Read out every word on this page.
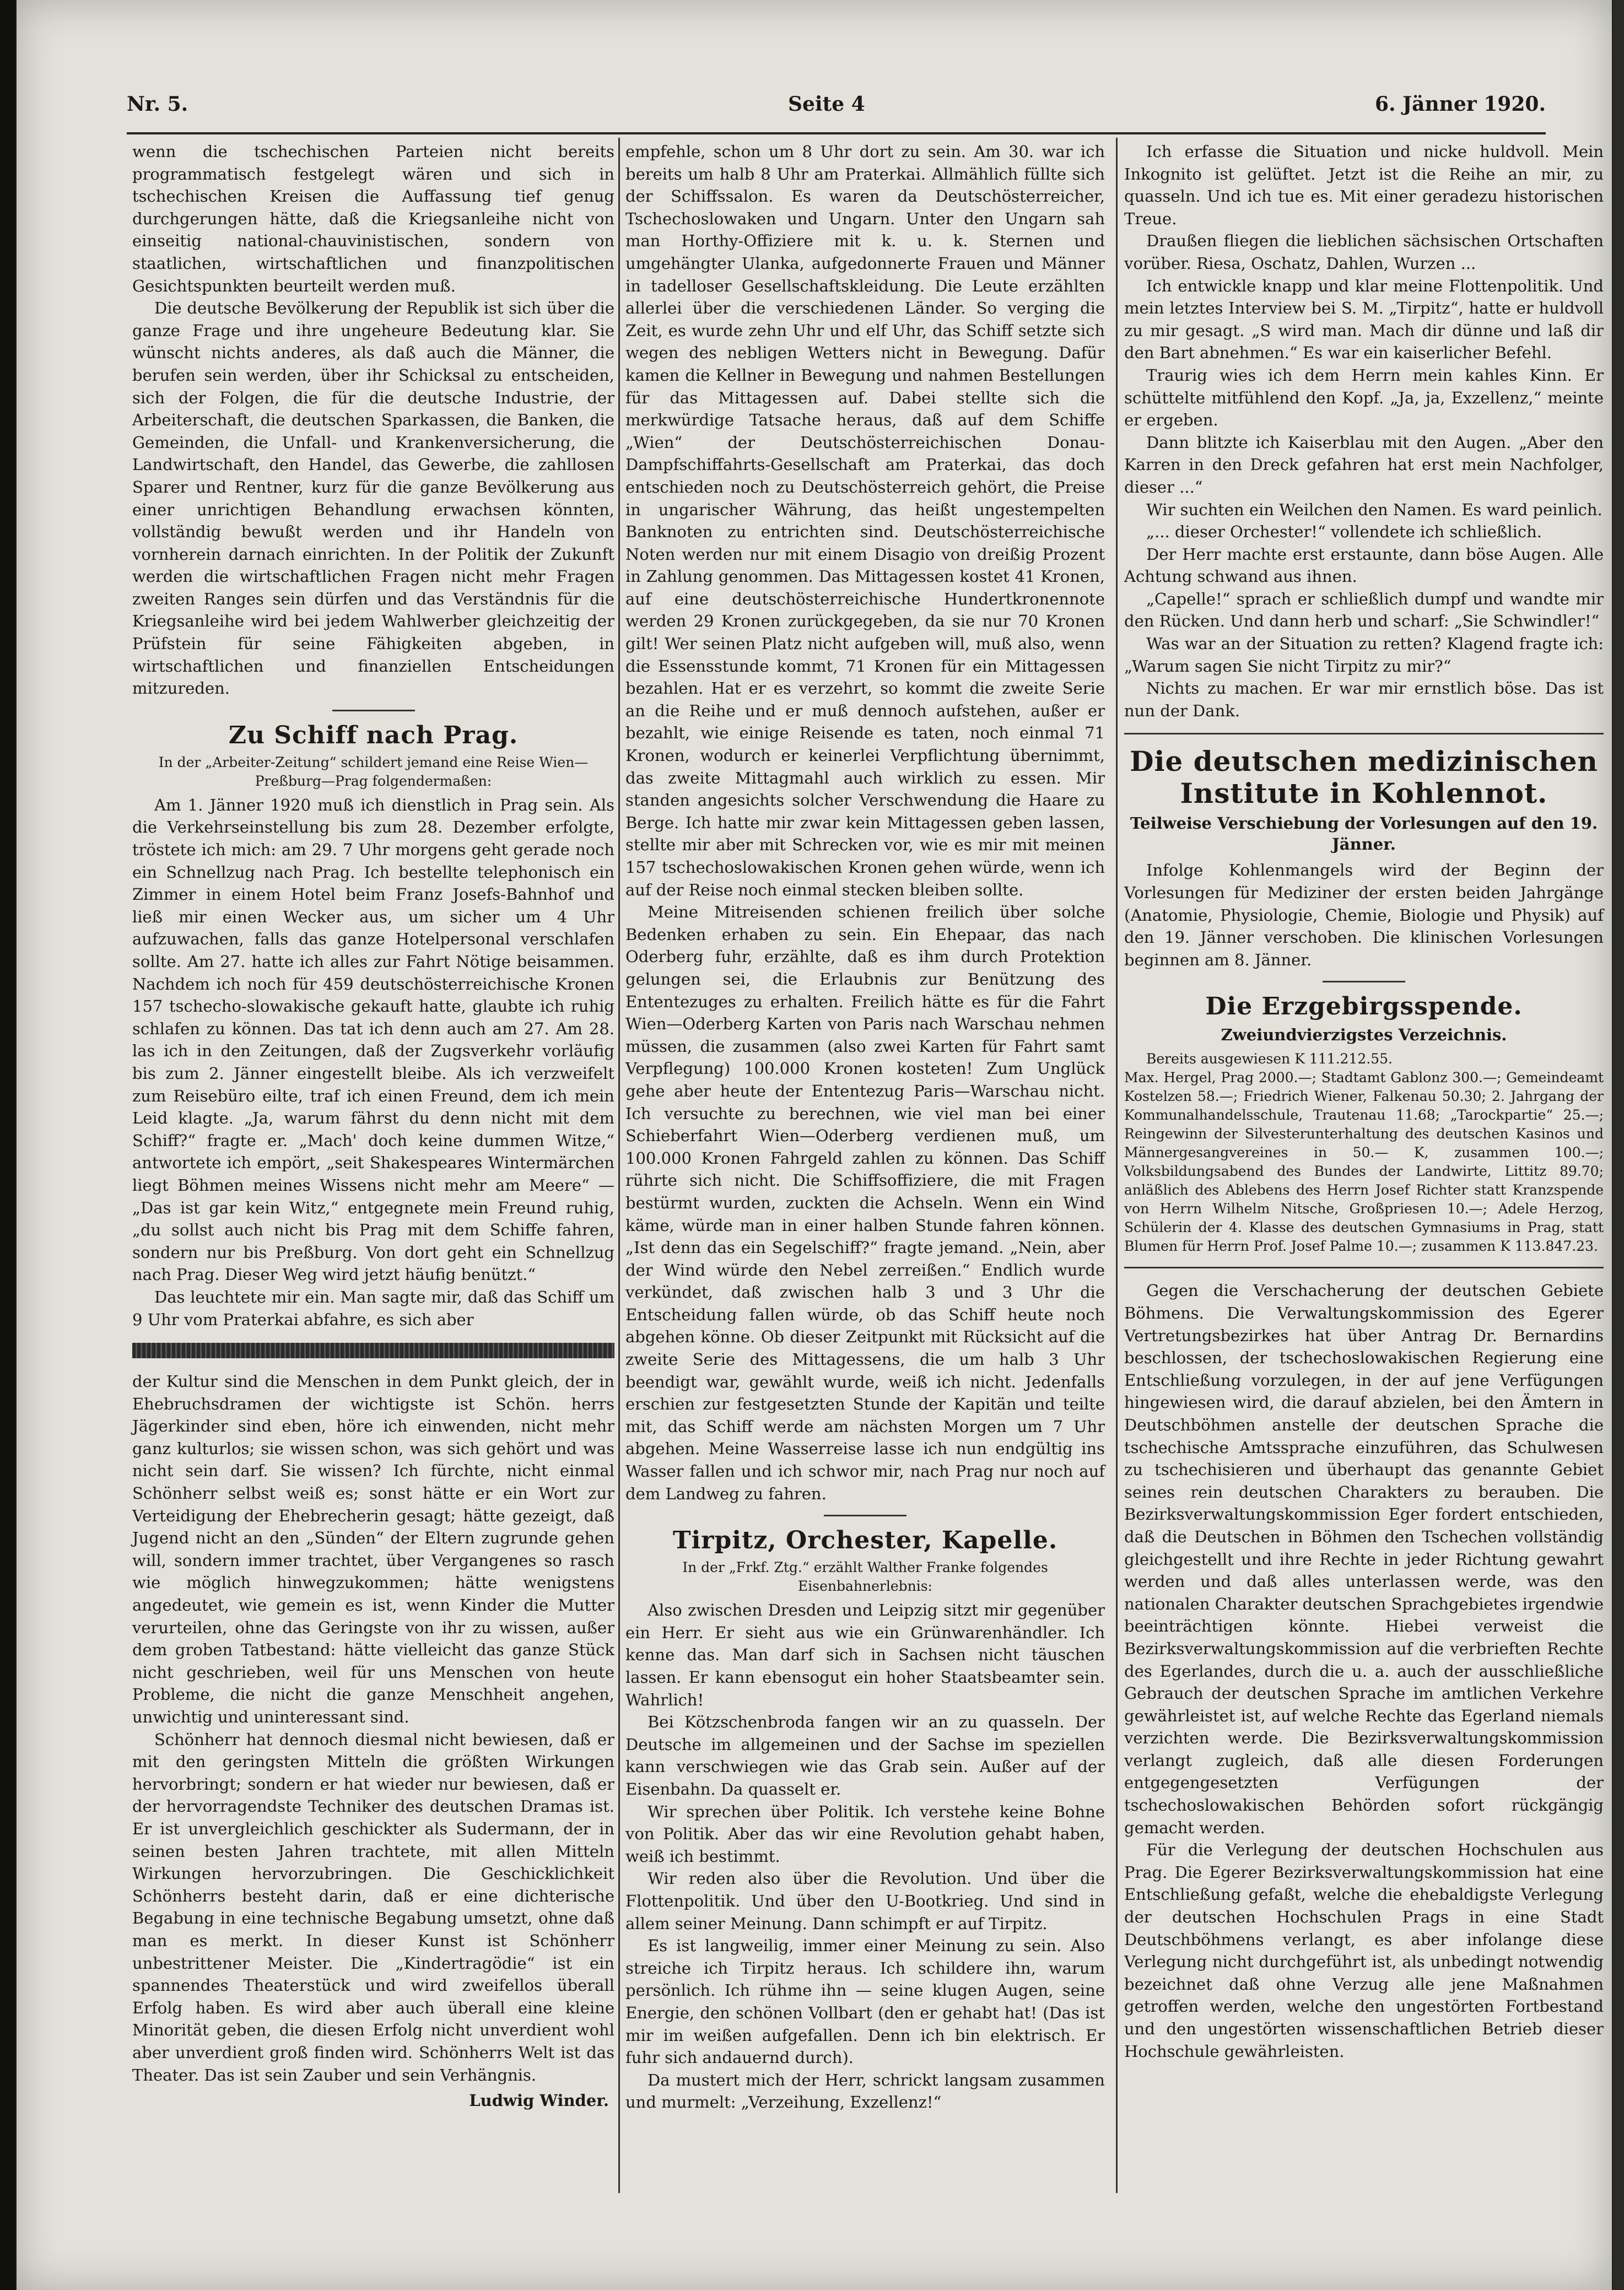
Nr. 5.	Seite 4	6. Jänner 1920.

wenn die tschechischen Parteien nicht bereits programmatisch festgelegt wären und sich in tschechischen Kreisen die Auffassung tief genug durchgerungen hätte, daß die Kriegsanleihe nicht von einseitig national-chauvinistischen, sondern von staatlichen, wirtschaftlichen und finanzpolitischen Gesichtspunkten beurteilt werden muß.

Die deutsche Bevölkerung der Republik ist sich über die ganze Frage und ihre ungeheure Bedeutung klar. Sie wünscht nichts anderes, als daß auch die Männer, die berufen sein werden, über ihr Schicksal zu entscheiden, sich der Folgen, die für die deutsche Industrie, der Arbeiterschaft, die deutschen Sparkassen, die Banken, die Gemeinden, die Unfall- und Krankenversicherung, die Landwirtschaft, den Handel, das Gewerbe, die zahllosen Sparer und Rentner, kurz für die ganze Bevölkerung aus einer unrichtigen Behandlung erwachsen könnten, vollständig bewußt werden und ihr Handeln von vornherein darnach einrichten. In der Politik der Zukunft werden die wirtschaftlichen Fragen nicht mehr Fragen zweiten Ranges sein dürfen und das Verständnis für die Kriegsanleihe wird bei jedem Wahlwerber gleichzeitig der Prüfstein für seine Fähigkeiten abgeben, in wirtschaftlichen und finanziellen Entscheidungen mitzureden.

Zu Schiff nach Prag.
In der „Arbeiter-Zeitung“ schildert jemand eine Reise Wien—Preßburg—Prag folgendermaßen:

Am 1. Jänner 1920 muß ich dienstlich in Prag sein. Als die Verkehrseinstellung bis zum 28. Dezember erfolgte, tröstete ich mich: am 29. 7 Uhr morgens geht gerade noch ein Schnellzug nach Prag. Ich bestellte telephonisch ein Zimmer in einem Hotel beim Franz Josefs-Bahnhof und ließ mir einen Wecker aus, um sicher um 4 Uhr aufzuwachen, falls das ganze Hotelpersonal verschlafen sollte. Am 27. hatte ich alles zur Fahrt Nötige beisammen. Nachdem ich noch für 459 deutschösterreichische Kronen 157 tschecho-slowakische gekauft hatte, glaubte ich ruhig schlafen zu können. Das tat ich denn auch am 27. Am 28. las ich in den Zeitungen, daß der Zugsverkehr vorläufig bis zum 2. Jänner eingestellt bleibe. Als ich verzweifelt zum Reisebüro eilte, traf ich einen Freund, dem ich mein Leid klagte. „Ja, warum fährst du denn nicht mit dem Schiff?“ fragte er. „Mach' doch keine dummen Witze,“ antwortete ich empört, „seit Shakespeares Wintermärchen liegt Böhmen meines Wissens nicht mehr am Meere“ — „Das ist gar kein Witz,“ entgegnete mein Freund ruhig, „du sollst auch nicht bis Prag mit dem Schiffe fahren, sondern nur bis Preßburg. Von dort geht ein Schnellzug nach Prag. Dieser Weg wird jetzt häufig benützt.“

Das leuchtete mir ein. Man sagte mir, daß das Schiff um 9 Uhr vom Praterkai abfahre, es sich aber

der Kultur sind die Menschen in dem Punkt gleich, der in Ehebruchsdramen der wichtigste ist Schön. herrs Jägerkinder sind eben, höre ich einwenden, nicht mehr ganz kulturlos; sie wissen schon, was sich gehört und was nicht sein darf. Sie wissen? Ich fürchte, nicht einmal Schönherr selbst weiß es; sonst hätte er ein Wort zur Verteidigung der Ehebrecherin gesagt; hätte gezeigt, daß Jugend nicht an den „Sünden“ der Eltern zugrunde gehen will, sondern immer trachtet, über Vergangenes so rasch wie möglich hinwegzukommen; hätte wenigstens angedeutet, wie gemein es ist, wenn Kinder die Mutter verurteilen, ohne das Geringste von ihr zu wissen, außer dem groben Tatbestand: hätte vielleicht das ganze Stück nicht geschrieben, weil für uns Menschen von heute Probleme, die nicht die ganze Menschheit angehen, unwichtig und uninteressant sind.

Schönherr hat dennoch diesmal nicht bewiesen, daß er mit den geringsten Mitteln die größten Wirkungen hervorbringt; sondern er hat wieder nur bewiesen, daß er der hervorragendste Techniker des deutschen Dramas ist. Er ist unvergleichlich geschickter als Sudermann, der in seinen besten Jahren trachtete, mit allen Mitteln Wirkungen hervorzubringen. Die Geschicklichkeit Schönherrs besteht darin, daß er eine dichterische Begabung in eine technische Begabung umsetzt, ohne daß man es merkt. In dieser Kunst ist Schönherr unbestrittener Meister. Die „Kindertragödie“ ist ein spannendes Theaterstück und wird zweifellos überall Erfolg haben. Es wird aber auch überall eine kleine Minorität geben, die diesen Erfolg nicht unverdient wohl aber unverdient groß finden wird. Schönherrs Welt ist das Theater. Das ist sein Zauber und sein Verhängnis.

Ludwig Winder.

empfehle, schon um 8 Uhr dort zu sein. Am 30. war ich bereits um halb 8 Uhr am Praterkai. Allmählich füllte sich der Schiffssalon. Es waren da Deutschösterreicher, Tschechoslowaken und Ungarn. Unter den Ungarn sah man Horthy-Offiziere mit k. u. k. Sternen und umgehängter Ulanka, aufgedonnerte Frauen und Männer in tadelloser Gesellschaftskleidung. Die Leute erzählten allerlei über die verschiedenen Länder. So verging die Zeit, es wurde zehn Uhr und elf Uhr, das Schiff setzte sich wegen des nebligen Wetters nicht in Bewegung. Dafür kamen die Kellner in Bewegung und nahmen Bestellungen für das Mittagessen auf. Dabei stellte sich die merkwürdige Tatsache heraus, daß auf dem Schiffe „Wien“ der Deutschösterreichischen Donau-Dampfschiffahrts-Gesellschaft am Praterkai, das doch entschieden noch zu Deutschösterreich gehört, die Preise in ungarischer Währung, das heißt ungestempelten Banknoten zu entrichten sind. Deutschösterreichische Noten werden nur mit einem Disagio von dreißig Prozent in Zahlung genommen. Das Mittagessen kostet 41 Kronen, auf eine deutschösterreichische Hundertkronennote werden 29 Kronen zurückgegeben, da sie nur 70 Kronen gilt! Wer seinen Platz nicht aufgeben will, muß also, wenn die Essensstunde kommt, 71 Kronen für ein Mittagessen bezahlen. Hat er es verzehrt, so kommt die zweite Serie an die Reihe und er muß dennoch aufstehen, außer er bezahlt, wie einige Reisende es taten, noch einmal 71 Kronen, wodurch er keinerlei Verpflichtung übernimmt, das zweite Mittagmahl auch wirklich zu essen. Mir standen angesichts solcher Verschwendung die Haare zu Berge. Ich hatte mir zwar kein Mittagessen geben lassen, stellte mir aber mit Schrecken vor, wie es mir mit meinen 157 tschechoslowakischen Kronen gehen würde, wenn ich auf der Reise noch einmal stecken bleiben sollte.

Meine Mitreisenden schienen freilich über solche Bedenken erhaben zu sein. Ein Ehepaar, das nach Oderberg fuhr, erzählte, daß es ihm durch Protektion gelungen sei, die Erlaubnis zur Benützung des Ententezuges zu erhalten. Freilich hätte es für die Fahrt Wien—Oderberg Karten von Paris nach Warschau nehmen müssen, die zusammen (also zwei Karten für Fahrt samt Verpflegung) 100.000 Kronen kosteten! Zum Unglück gehe aber heute der Ententezug Paris—Warschau nicht. Ich versuchte zu berechnen, wie viel man bei einer Schieberfahrt Wien—Oderberg verdienen muß, um 100.000 Kronen Fahrgeld zahlen zu können. Das Schiff rührte sich nicht. Die Schiffsoffiziere, die mit Fragen bestürmt wurden, zuckten die Achseln. Wenn ein Wind käme, würde man in einer halben Stunde fahren können. „Ist denn das ein Segelschiff?“ fragte jemand. „Nein, aber der Wind würde den Nebel zerreißen.“ Endlich wurde verkündet, daß zwischen halb 3 und 3 Uhr die Entscheidung fallen würde, ob das Schiff heute noch abgehen könne. Ob dieser Zeitpunkt mit Rücksicht auf die zweite Serie des Mittagessens, die um halb 3 Uhr beendigt war, gewählt wurde, weiß ich nicht. Jedenfalls erschien zur festgesetzten Stunde der Kapitän und teilte mit, das Schiff werde am nächsten Morgen um 7 Uhr abgehen. Meine Wasserreise lasse ich nun endgültig ins Wasser fallen und ich schwor mir, nach Prag nur noch auf dem Landweg zu fahren.

Tirpitz, Orchester, Kapelle.
In der „Frkf. Ztg.“ erzählt Walther Franke folgendes Eisenbahnerlebnis:

Also zwischen Dresden und Leipzig sitzt mir gegenüber ein Herr. Er sieht aus wie ein Grünwarenhändler. Ich kenne das. Man darf sich in Sachsen nicht täuschen lassen. Er kann ebensogut ein hoher Staatsbeamter sein. Wahrlich!

Bei Kötzschenbroda fangen wir an zu quasseln. Der Deutsche im allgemeinen und der Sachse im speziellen kann verschwiegen wie das Grab sein. Außer auf der Eisenbahn. Da quasselt er.

Wir sprechen über Politik. Ich verstehe keine Bohne von Politik. Aber das wir eine Revolution gehabt haben, weiß ich bestimmt.

Wir reden also über die Revolution. Und über die Flottenpolitik. Und über den U-Bootkrieg. Und sind in allem seiner Meinung. Dann schimpft er auf Tirpitz.

Es ist langweilig, immer einer Meinung zu sein. Also streiche ich Tirpitz heraus. Ich schildere ihn, warum persönlich. Ich rühme ihn — seine klugen Augen, seine Energie, den schönen Vollbart (den er gehabt hat! (Das ist mir im weißen aufgefallen. Denn ich bin elektrisch. Er fuhr sich andauernd durch).

Da mustert mich der Herr, schrickt langsam zusammen und murmelt: „Verzeihung, Exzellenz!“

Ich erfasse die Situation und nicke huldvoll. Mein Inkognito ist gelüftet. Jetzt ist die Reihe an mir, zu quasseln. Und ich tue es. Mit einer geradezu historischen Treue.

Draußen fliegen die lieblichen sächsischen Ortschaften vorüber. Riesa, Oschatz, Dahlen, Wurzen ...

Ich entwickle knapp und klar meine Flottenpolitik. Und mein letztes Interview bei S. M. „Tirpitz“, hatte er huldvoll zu mir gesagt. „S wird man. Mach dir dünne und laß dir den Bart abnehmen.“ Es war ein kaiserlicher Befehl.

Traurig wies ich dem Herrn mein kahles Kinn. Er schüttelte mitfühlend den Kopf. „Ja, ja, Exzellenz,“ meinte er ergeben.

Dann blitzte ich Kaiserblau mit den Augen. „Aber den Karren in den Dreck gefahren hat erst mein Nachfolger, dieser ...“

Wir suchten ein Weilchen den Namen. Es ward peinlich.

„... dieser Orchester!“ vollendete ich schließlich.

Der Herr machte erst erstaunte, dann böse Augen. Alle Achtung schwand aus ihnen.

„Capelle!“ sprach er schließlich dumpf und wandte mir den Rücken. Und dann herb und scharf: „Sie Schwindler!“

Was war an der Situation zu retten? Klagend fragte ich: „Warum sagen Sie nicht Tirpitz zu mir?“

Nichts zu machen. Er war mir ernstlich böse. Das ist nun der Dank.

Die deutschen medizinischen Institute in Kohlennot.
Teilweise Verschiebung der Vorlesungen auf den 19. Jänner.

Infolge Kohlenmangels wird der Beginn der Vorlesungen für Mediziner der ersten beiden Jahrgänge (Anatomie, Physiologie, Chemie, Biologie und Physik) auf den 19. Jänner verschoben. Die klinischen Vorlesungen beginnen am 8. Jänner.

Die Erzgebirgsspende.
Zweiundvierzigstes Verzeichnis.

Bereits ausgewiesen K 111.212.55.

Max. Hergel, Prag 2000.—; Stadtamt Gablonz 300.—; Gemeindeamt Kostelzen 58.—; Friedrich Wiener, Falkenau 50.30; 2. Jahrgang der Kommunalhandelsschule, Trautenau 11.68; „Tarockpartie“ 25.—; Reingewinn der Silvesterunterhaltung des deutschen Kasinos und Männergesangvereines in 50.— K, zusammen 100.—; Volksbildungsabend des Bundes der Landwirte, Littitz 89.70; anläßlich des Ablebens des Herrn Josef Richter statt Kranzspende von Herrn Wilhelm Nitsche, Großpriesen 10.—; Adele Herzog, Schülerin der 4. Klasse des deutschen Gymnasiums in Prag, statt Blumen für Herrn Prof. Josef Palme 10.—; zusammen K 113.847.23.

Gegen die Verschacherung der deutschen Gebiete Böhmens. Die Verwaltungskommission des Egerer Vertretungsbezirkes hat über Antrag Dr. Bernardins beschlossen, der tschechoslowakischen Regierung eine Entschließung vorzulegen, in der auf jene Verfügungen hingewiesen wird, die darauf abzielen, bei den Ämtern in Deutschböhmen anstelle der deutschen Sprache die tschechische Amtssprache einzuführen, das Schulwesen zu tschechisieren und überhaupt das genannte Gebiet seines rein deutschen Charakters zu berauben. Die Bezirksverwaltungskommission Eger fordert entschieden, daß die Deutschen in Böhmen den Tschechen vollständig gleichgestellt und ihre Rechte in jeder Richtung gewahrt werden und daß alles unterlassen werde, was den nationalen Charakter deutschen Sprachgebietes irgendwie beeinträchtigen könnte. Hiebei verweist die Bezirksverwaltungskommission auf die verbrieften Rechte des Egerlandes, durch die u. a. auch der ausschließliche Gebrauch der deutschen Sprache im amtlichen Verkehre gewährleistet ist, auf welche Rechte das Egerland niemals verzichten werde. Die Bezirksverwaltungskommission verlangt zugleich, daß alle diesen Forderungen entgegengesetzten Verfügungen der tschechoslowakischen Behörden sofort rückgängig gemacht werden.

Für die Verlegung der deutschen Hochschulen aus Prag. Die Egerer Bezirksverwaltungskommission hat eine Entschließung gefaßt, welche die ehebaldigste Verlegung der deutschen Hochschulen Prags in eine Stadt Deutschböhmens verlangt, es aber infolange diese Verlegung nicht durchgeführt ist, als unbedingt notwendig bezeichnet daß ohne Verzug alle jene Maßnahmen getroffen werden, welche den ungestörten Fortbestand und den ungestörten wissenschaftlichen Betrieb dieser Hochschule gewährleisten.
